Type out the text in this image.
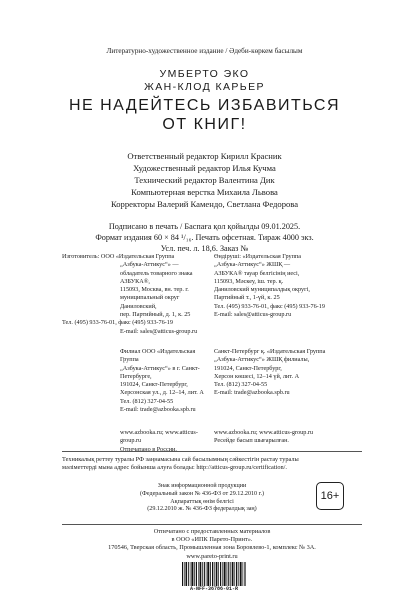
Литературно-художественное издание / Әдеби-көркем басылым
УМБЕРТО ЭКО
ЖАН-КЛОД КАРЬЕР
НЕ НАДЕЙТЕСЬ ИЗБАВИТЬСЯ
ОТ КНИГ!
Ответственный редактор Кирилл Красник
Художественный редактор Илья Кучма
Технический редактор Валентина Дик
Компьютерная верстка Михаила Львова
Корректоры Валерий Камендо, Светлана Федорова
Подписано в печать / Баспаға қол қойылды 09.01.2025.
Формат издания 60 × 84 ¹/₁₆. Печать офсетная. Тираж 4000 экз.
Усл. печ. л. 18,6. Заказ №
Изготовитель: ООО «Издательская Группа
„Азбука-Аттикус“» —
обладатель товарного знака АЗБУКА®,
115093, Москва, вн. тер. г.
муниципальный округ Даниловский,
пер. Партийный, д. 1, к. 25
Тел. (495) 933-76-01, факс (495) 933-76-19
E-mail: sales@atticus-group.ru
Өндіруші: «Издательская Группа
„Азбука-Аттикус“» ЖШҚ —
АЗБУКА® тауар белгісінің иесі,
115093, Мәскеу, іш. тер. қ.
Даниловский муниципалдық округі,
Партийный т., 1-үй, к. 25
Тел. (495) 933-76-01, факс (495) 933-76-19
E-mail: sales@atticus-group.ru
Филиал ООО «Издательская Группа
„Азбука-Аттикус“» в г. Санкт-Петербурге,
191024, Санкт-Петербург,
Херсонская ул., д. 12–14, лит. А
Тел. (812) 327-04-55
E-mail: trade@azbooka.spb.ru
Санкт-Петербург қ. «Издательская Группа
„Азбука-Аттикус“» ЖШҚ филиалы,
191024, Санкт-Петербург,
Херсон көшесі, 12–14 үй, лит. А
Тел. (812) 327-04-55
E-mail: trade@azbooka.spb.ru
www.azbooka.ru; www.atticus-group.ru
Отпечатано в России.
www.azbooka.ru; www.atticus-group.ru
Ресейде басып шығарылған.
Техникалық реттеу туралы РФ заңнамасына сай басылымның сәйкестігін растау туралы
мәліметтерді мына адрес бойынша алуға болады: http://atticus-group.ru/certification/.
Знак информационной продукции
(Федеральный закон № 436-ФЗ от 29.12.2010 г.)
Ақпараттық өнім белгісі
(29.12.2010 ж. № 436-ФЗ федералдық заң)
16+
Отпечатано с предоставленных материалов
в ООО «ИПК Парето-Принт».
170546, Тверская область, Промышленная зона Боровлево-1, комплекс № 3А.
www.pareto-print.ru
A-NFF-36786-01-R
